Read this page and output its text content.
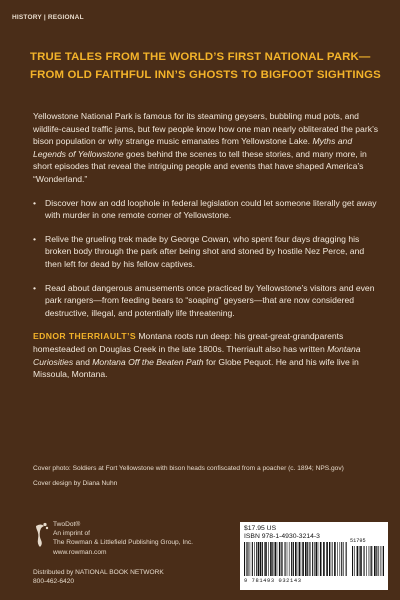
HISTORY | REGIONAL
TRUE TALES FROM THE WORLD’S FIRST NATIONAL PARK—
FROM OLD FAITHFUL INN’S GHOSTS TO BIGFOOT SIGHTINGS

Yellowstone National Park is famous for its steaming geysers, bubbling mud pots, and wildlife-caused traffic jams, but few people know how one man nearly obliterated the park’s bison population or why strange music emanates from Yellowstone Lake. Myths and Legends of Yellowstone goes behind the scenes to tell these stories, and many more, in short episodes that reveal the intriguing people and events that have shaped America’s “Wonderland.”

• Discover how an odd loophole in federal legislation could let someone literally get away with murder in one remote corner of Yellowstone.
• Relive the grueling trek made by George Cowan, who spent four days dragging his broken body through the park after being shot and stoned by hostile Nez Perce, and then left for dead by his fellow captives.
• Read about dangerous amusements once practiced by Yellowstone’s visitors and even park rangers—from feeding bears to “soaping” geysers—that are now considered destructive, illegal, and potentially life threatening.

EDNOR THERRIAULT’S Montana roots run deep: his great-great-grandparents homesteaded on Douglas Creek in the late 1800s. Therriault also has written Montana Curiosities and Montana Off the Beaten Path for Globe Pequot. He and his wife live in Missoula, Montana.

Cover photo: Soldiers at Fort Yellowstone with bison heads confiscated from a poacher (c. 1894; NPS.gov)
Cover design by Diana Nuhn
TwoDot®
An imprint of
The Rowman & Littlefield Publishing Group, Inc.
www.rowman.com
Distributed by NATIONAL BOOK NETWORK
800-462-6420
$17.95 US
ISBN 978-1-4930-3214-3
51795
9 781493 032143
